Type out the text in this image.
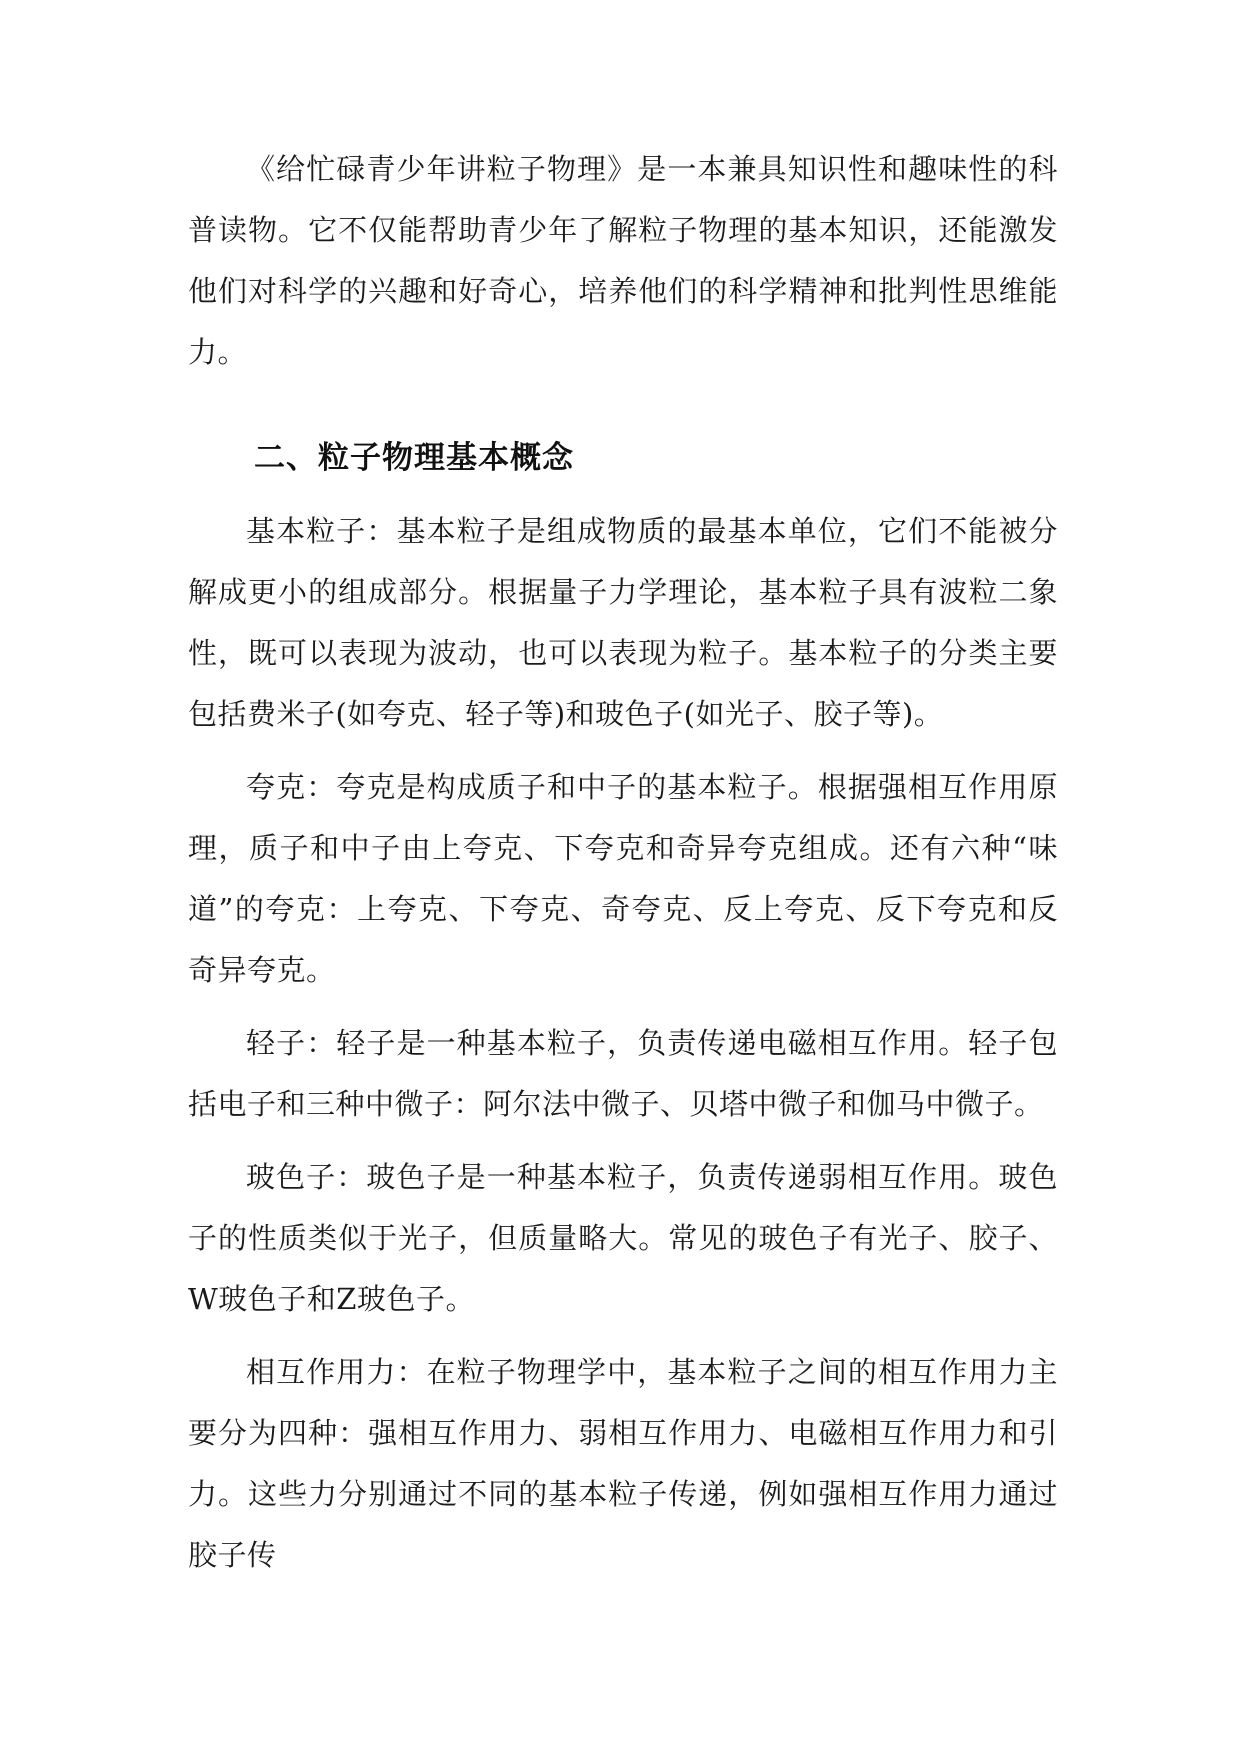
《给忙碌青少年讲粒子物理》是一本兼具知识性和趣味性的科普读物。它不仅能帮助青少年了解粒子物理的基本知识，还能激发他们对科学的兴趣和好奇心，培养他们的科学精神和批判性思维能力。

二、粒子物理基本概念

基本粒子：基本粒子是组成物质的最基本单位，它们不能被分解成更小的组成部分。根据量子力学理论，基本粒子具有波粒二象性，既可以表现为波动，也可以表现为粒子。基本粒子的分类主要包括费米子(如夸克、轻子等)和玻色子(如光子、胶子等)。

夸克：夸克是构成质子和中子的基本粒子。根据强相互作用原理，质子和中子由上夸克、下夸克和奇异夸克组成。还有六种“味道”的夸克：上夸克、下夸克、奇夸克、反上夸克、反下夸克和反奇异夸克。

轻子：轻子是一种基本粒子，负责传递电磁相互作用。轻子包括电子和三种中微子：阿尔法中微子、贝塔中微子和伽马中微子。

玻色子：玻色子是一种基本粒子，负责传递弱相互作用。玻色子的性质类似于光子，但质量略大。常见的玻色子有光子、胶子、W玻色子和Z玻色子。

相互作用力：在粒子物理学中，基本粒子之间的相互作用力主要分为四种：强相互作用力、弱相互作用力、电磁相互作用力和引力。这些力分别通过不同的基本粒子传递，例如强相互作用力通过胶子传
